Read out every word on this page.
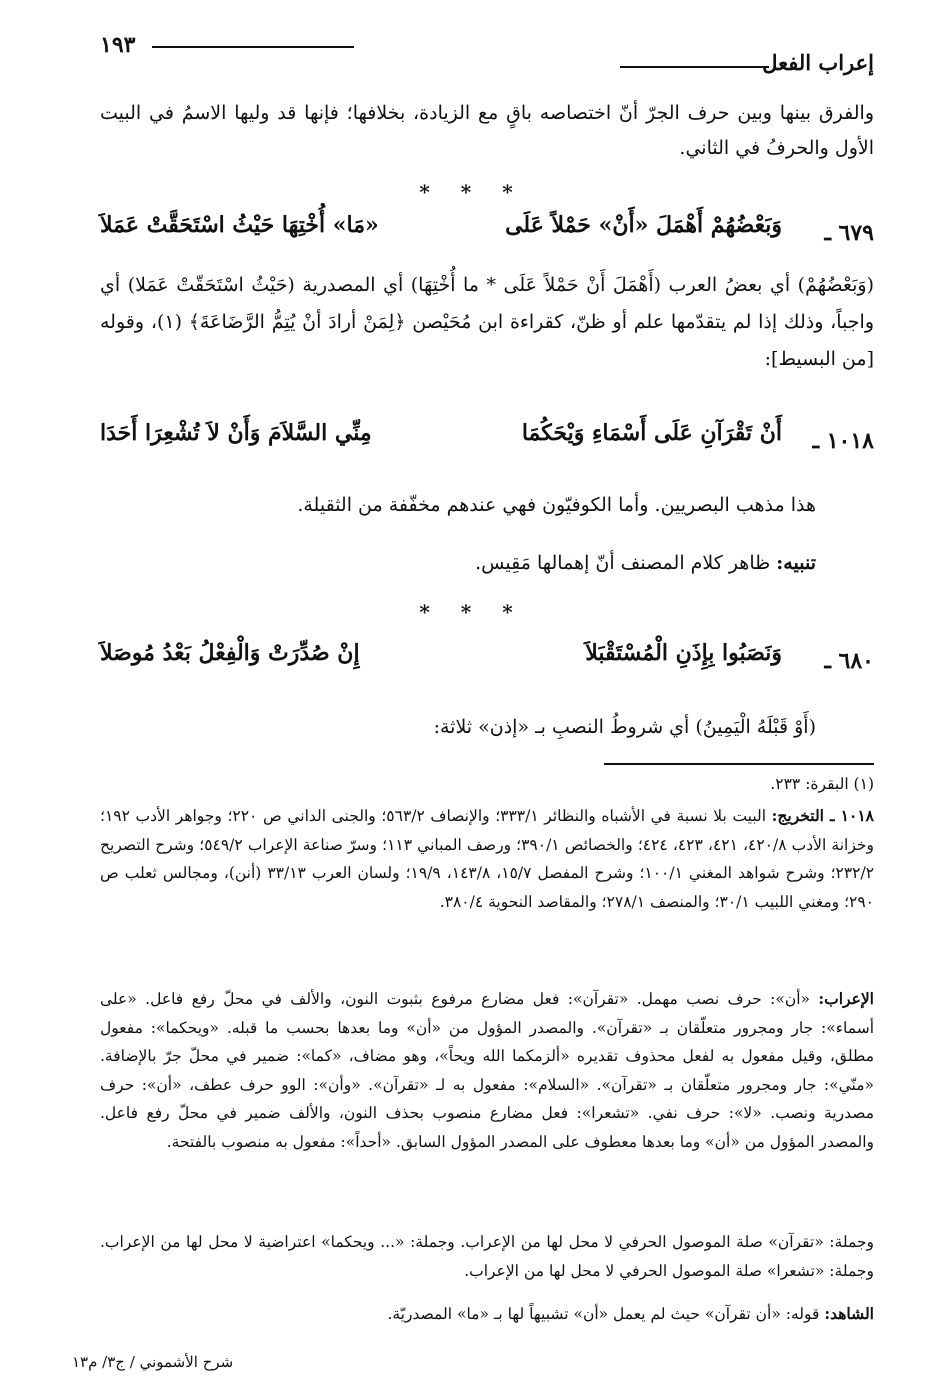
إعراب الفعل
١٩٣
والفرق بينها وبين حرف الجرّ أنّ اختصاصه باقٍ مع الزيادة، بخلافها؛ فإنها قد وليها الاسمُ في البيت الأول والحرفُ في الثاني.
* * *
٦٧٩ ـ
وَبَعْضُهُمْ أَهْمَلَ «أَنْ» حَمْلاً عَلَى
«مَا» أُخْتِهَا حَيْثُ اسْتَحَقَّتْ عَمَلاَ
(وَبَعْضُهُمْ) أي بعضُ العرب (أَهْمَلَ أَنْ حَمْلاً عَلَى * ما أُخْتِهَا) أي المصدرية (حَيْثُ اسْتَحَقّتْ عَمَلا) أي واجباً، وذلك إذا لم يتقدّمها علم أو ظنّ، كقراءة ابن مُحَيْصن ﴿لِمَنْ أرادَ أنْ يُتِمُّ الرَّضَاعَةَ﴾ (١)، وقوله [من البسيط]:
١٠١٨ ـ
أَنْ تَقْرَآنِ عَلَى أَسْمَاءِ وَيْحَكُمَا
مِنِّي السَّلاَمَ وَأَنْ لاَ تُشْعِرَا أَحَدَا
هذا مذهب البصريين. وأما الكوفيّون فهي عندهم مخفّفة من الثقيلة.
تنبيه: ظاهر كلام المصنف أنّ إهمالها مَقِيس.
* * *
٦٨٠ ـ
وَنَصَبُوا بِإِذَنِ الْمُسْتَقْبَلاَ
إِنْ صُدِّرَتْ وَالْفِعْلُ بَعْدُ مُوصَلاَ
(أَوْ قَبْلَهُ الْيَمِينُ) أي شروطُ النصبِ بـ «إذن» ثلاثة:
(١) البقرة: ٢٣٣.
١٠١٨ ـ التخريج: البيت بلا نسبة في الأشباه والنظائر ٣٣٣/١؛ والإنصاف ٥٦٣/٢؛ والجنى الداني ص ٢٢٠؛ وجواهر الأدب ١٩٢؛ وخزانة الأدب ٤٢٠/٨، ٤٢١، ٤٢٣، ٤٢٤؛ والخصائص ٣٩٠/١؛ ورصف المباني ١١٣؛ وسرّ صناعة الإعراب ٥٤٩/٢؛ وشرح التصريح ٢٣٢/٢؛ وشرح شواهد المغني ١٠٠/١؛ وشرح المفصل ١٥/٧، ١٤٣/٨، ١٩/٩؛ ولسان العرب ٣٣/١٣ (أنن)، ومجالس ثعلب ص ٢٩٠؛ ومغني اللبيب ٣٠/١؛ والمنصف ٢٧٨/١؛ والمقاصد النحوية ٣٨٠/٤.
الإعراب: «أن»: حرف نصب مهمل. «تقرآن»: فعل مضارع مرفوع بثبوت النون، والألف في محلّ رفع فاعل. «على أسماء»: جار ومجرور متعلّقان بـ «تقرآن». والمصدر المؤول من «أن» وما بعدها بحسب ما قبله. «ويحكما»: مفعول مطلق، وقيل مفعول به لفعل محذوف تقديره «ألزمكما الله ويحاً»، وهو مضاف، «كما»: ضمير في محلّ جرّ بالإضافة. «منّي»: جار ومجرور متعلّقان بـ «تقرآن». «السلام»: مفعول به لـ «تقرآن». «وأن»: الوو حرف عطف، «أن»: حرف مصدرية ونصب. «لا»: حرف نفي. «تشعرا»: فعل مضارع منصوب بحذف النون، والألف ضمير في محلّ رفع فاعل. والمصدر المؤول من «أن» وما بعدها معطوف على المصدر المؤول السابق. «أحداً»: مفعول به منصوب بالفتحة.
وجملة: «تقرآن» صلة الموصول الحرفي لا محل لها من الإعراب. وجملة: «... ويحكما» اعتراضية لا محل لها من الإعراب. وجملة: «تشعرا» صلة الموصول الحرفي لا محل لها من الإعراب.
الشاهد: قوله: «أن تقرآن» حيث لم يعمل «أن» تشبيهاً لها بـ «ما» المصدريّة.
شرح الأشموني / ج٣/ م١٣
